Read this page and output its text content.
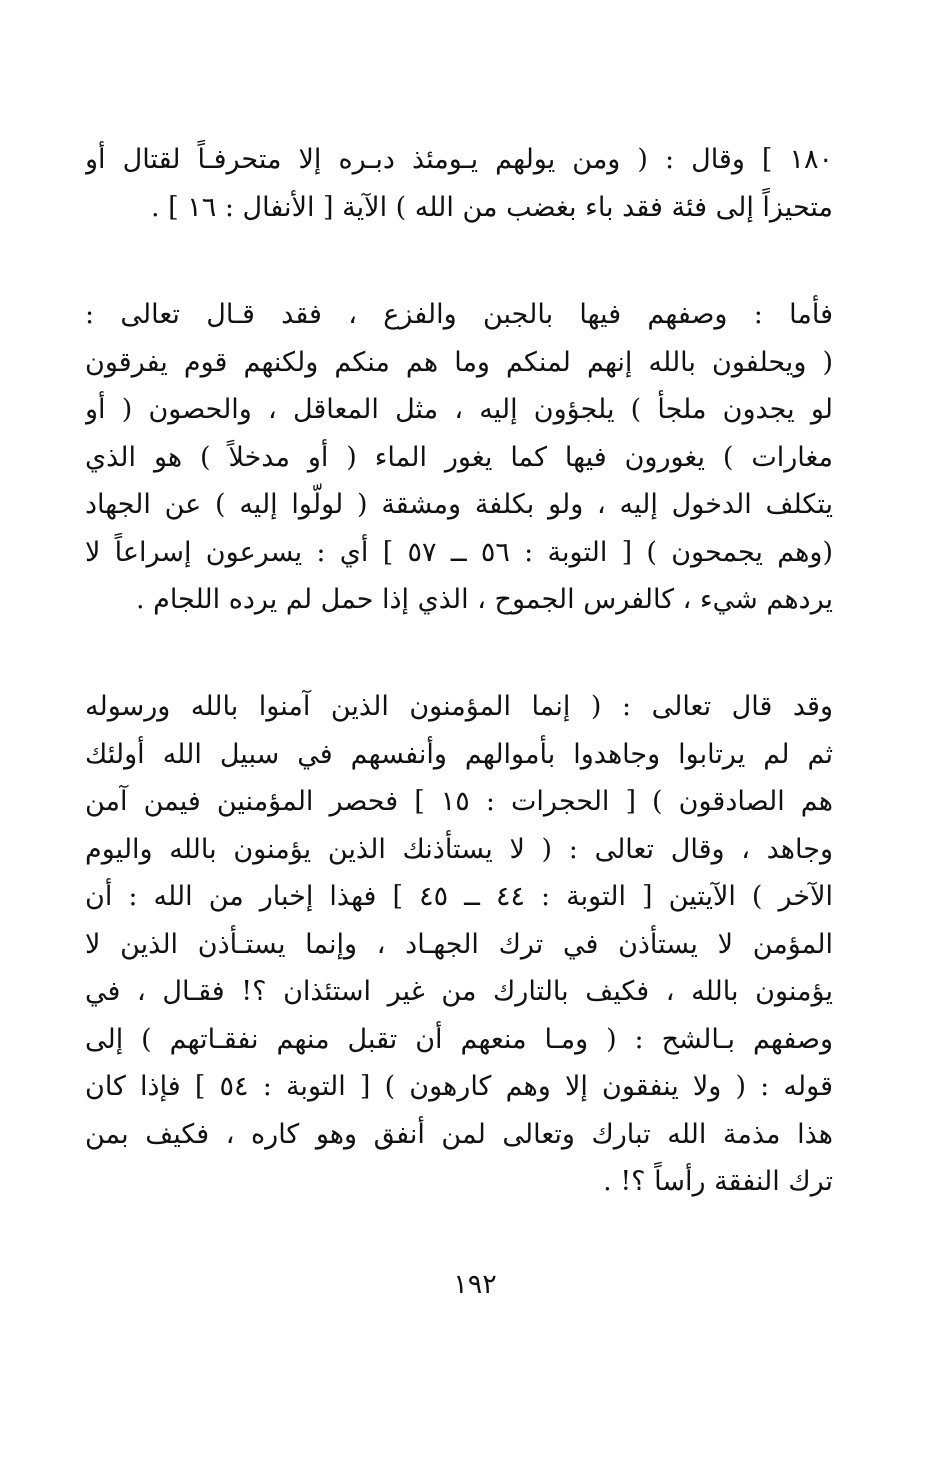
١٨٠ ] وقال : ( ومن يولهم يـومئذ دبـره إلا متحرفـاً لقتال أو
متحيزاً إلى فئة فقد باء بغضب من الله ) الآية [ الأنفال : ١٦ ] .
فأما : وصفهم فيها بالجبن والفزع ، فقد قـال تعالى :
( ويحلفون بالله إنهم لمنكم وما هم منكم ولكنهم قوم يفرقون
لو يجدون ملجأ ) يلجؤون إليه ، مثل المعاقل ، والحصون ( أو
مغارات ) يغورون فيها كما يغور الماء ( أو مدخلاً ) هو الذي
يتكلف الدخول إليه ، ولو بكلفة ومشقة ( لولّوا إليه ) عن الجهاد
(وهم يجمحون ) [ التوبة : ٥٦ ــ ٥٧ ] أي : يسرعون إسراعاً لا
يردهم شيء ، كالفرس الجموح ، الذي إذا حمل لم يرده اللجام .
وقد قال تعالى : ( إنما المؤمنون الذين آمنوا بالله ورسوله
ثم لم يرتابوا وجاهدوا بأموالهم وأنفسهم في سبيل الله أولئك
هم الصادقون ) [ الحجرات : ١٥ ] فحصر المؤمنين فيمن آمن
وجاهد ، وقال تعالى : ( لا يستأذنك الذين يؤمنون بالله واليوم
الآخر ) الآيتين [ التوبة : ٤٤ ــ ٤٥ ] فهذا إخبار من الله : أن
المؤمن لا يستأذن في ترك الجهـاد ، وإنما يستـأذن الذين لا
يؤمنون بالله ، فكيف بالتارك من غير استئذان ؟! فقـال ، في
وصفهم بـالشح : ( ومـا منعهم أن تقبل منهم نفقـاتهم ) إلى
قوله : ( ولا ينفقون إلا وهم كارهون ) [ التوبة : ٥٤ ] فإذا كان
هذا مذمة الله تبارك وتعالى لمن أنفق وهو كاره ، فكيف بمن
ترك النفقة رأساً ؟! .
١٩٢
